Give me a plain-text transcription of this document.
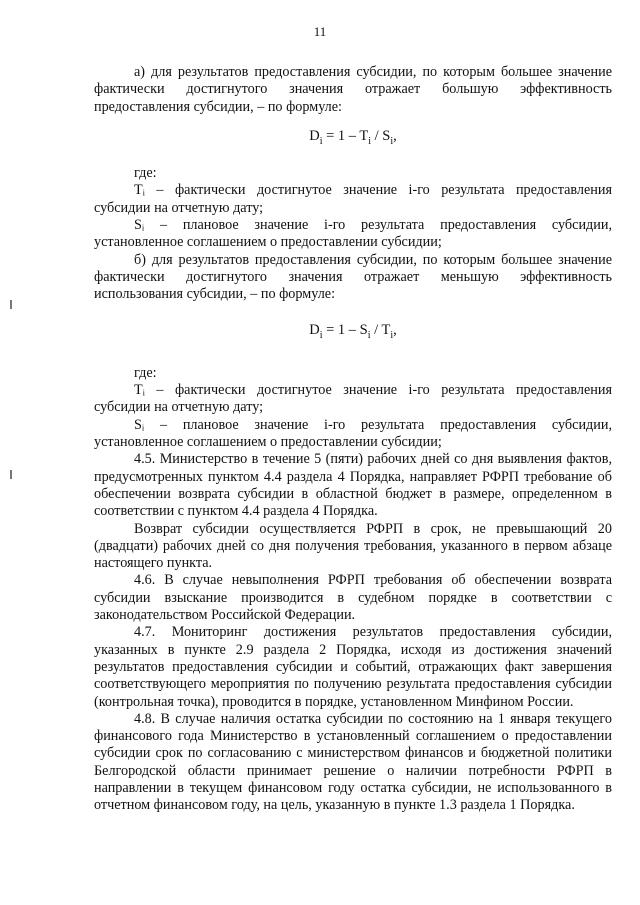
11

а) для результатов предоставления субсидии, по которым большее значение фактически достигнутого значения отражает большую эффективность предоставления субсидии, – по формуле:

$D_i = 1 - T_i / S_i$,

где:

Tᵢ – фактически достигнутое значение i-го результата предоставления субсидии на отчетную дату;

Sᵢ – плановое значение i-го результата предоставления субсидии, установленное соглашением о предоставлении субсидии;

б) для результатов предоставления субсидии, по которым большее значение фактически достигнутого значения отражает меньшую эффективность использования субсидии, – по формуле:

$D_i = 1 - S_i / T_i$,

где:

Tᵢ – фактически достигнутое значение i-го результата предоставления субсидии на отчетную дату;

Sᵢ – плановое значение i-го результата предоставления субсидии, установленное соглашением о предоставлении субсидии;

4.5. Министерство в течение 5 (пяти) рабочих дней со дня выявления фактов, предусмотренных пунктом 4.4 раздела 4 Порядка, направляет РФРП требование об обеспечении возврата субсидии в областной бюджет в размере, определенном в соответствии с пунктом 4.4 раздела 4 Порядка.

Возврат субсидии осуществляется РФРП в срок, не превышающий 20 (двадцати) рабочих дней со дня получения требования, указанного в первом абзаце настоящего пункта.

4.6. В случае невыполнения РФРП требования об обеспечении возврата субсидии взыскание производится в судебном порядке в соответствии с законодательством Российской Федерации.

4.7. Мониторинг достижения результатов предоставления субсидии, указанных в пункте 2.9 раздела 2 Порядка, исходя из достижения значений результатов предоставления субсидии и событий, отражающих факт завершения соответствующего мероприятия по получению результата предоставления субсидии (контрольная точка), проводится в порядке, установленном Минфином России.

4.8. В случае наличия остатка субсидии по состоянию на 1 января текущего финансового года Министерство в установленный соглашением о предоставлении субсидии срок по согласованию с министерством финансов и бюджетной политики Белгородской области принимает решение о наличии потребности РФРП в направлении в текущем финансовом году остатка субсидии, не использованного в отчетном финансовом году, на цель, указанную в пункте 1.3 раздела 1 Порядка.
